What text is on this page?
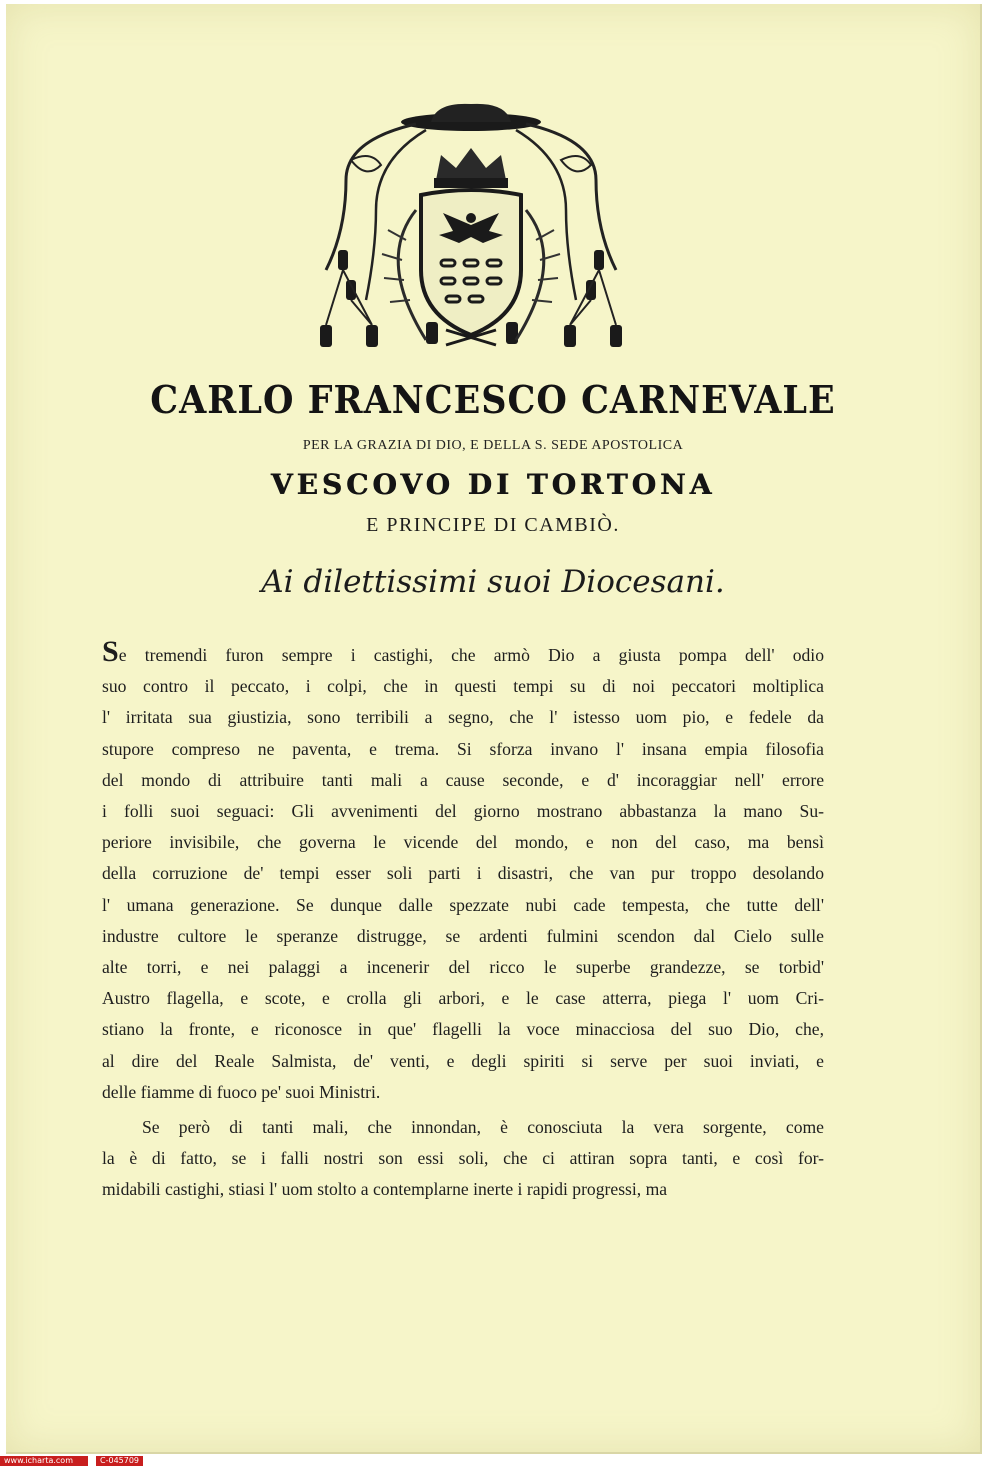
CARLO FRANCESCO CARNEVALE
PER LA GRAZIA DI DIO, E DELLA S. SEDE APOSTOLICA
VESCOVO DI TORTONA
E PRINCIPE DI CAMBIÒ.
Ai dilettissimi suoi Diocesani.
Se tremendi furon sempre i castighi, che armò Dio a giusta pompa dell' odio
suo contro il peccato, i colpi, che in questi tempi su di noi peccatori moltiplica
l' irritata sua giustizia, sono terribili a segno, che l' istesso uom pio, e fedele da
stupore compreso ne paventa, e trema. Si sforza invano l' insana empia filosofia
del mondo di attribuire tanti mali a cause seconde, e d' incoraggiar nell' errore
i folli suoi seguaci: Gli avvenimenti del giorno mostrano abbastanza la mano Su-
periore invisibile, che governa le vicende del mondo, e non del caso, ma bensì
della corruzione de' tempi esser soli parti i disastri, che van pur troppo desolando
l' umana generazione. Se dunque dalle spezzate nubi cade tempesta, che tutte dell'
industre cultore le speranze distrugge, se ardenti fulmini scendon dal Cielo sulle
alte torri, e nei palaggi a incenerir del ricco le superbe grandezze, se torbid'
Austro flagella, e scote, e crolla gli arbori, e le case atterra, piega l' uom Cri-
stiano la fronte, e riconosce in que' flagelli la voce minacciosa del suo Dio, che,
al dire del Reale Salmista, de' venti, e degli spiriti si serve per suoi inviati, e
delle fiamme di fuoco pe' suoi Ministri.
Se però di tanti mali, che innondan, è conosciuta la vera sorgente, come
la è di fatto, se i falli nostri son essi soli, che ci attiran sopra tanti, e così for-
midabili castighi, stiasi l' uom stolto a contemplarne inerte i rapidi progressi, ma
www.icharta.com	C-045709
